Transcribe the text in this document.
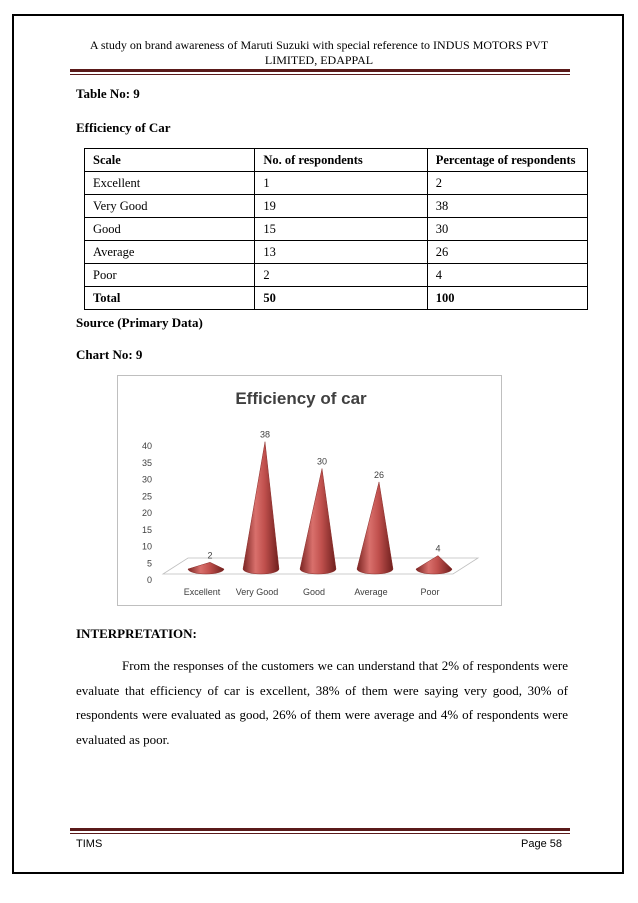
A study on brand awareness of Maruti Suzuki with special reference to INDUS MOTORS PVT
LIMITED, EDAPPAL
Table No: 9
Efficiency of Car
Scale	No. of respondents	Percentage of respondents
Excellent	1	2
Very Good	19	38
Good	15	30
Average	13	26
Poor	2	4
Total	50	100
Source (Primary Data)
Chart No: 9
Efficiency of car
0
5
10
15
20
25
30
35
40
2
38
30
26
4
Excellent Very Good	Good	Average	Poor
INTERPRETATION:
From the responses of the customers we can understand that 2% of respondents were evaluate that efficiency of car is excellent, 38% of them were saying very good, 30% of respondents were evaluated as good, 26% of them were average and 4% of respondents were evaluated as poor.
TIMS	Page 58
